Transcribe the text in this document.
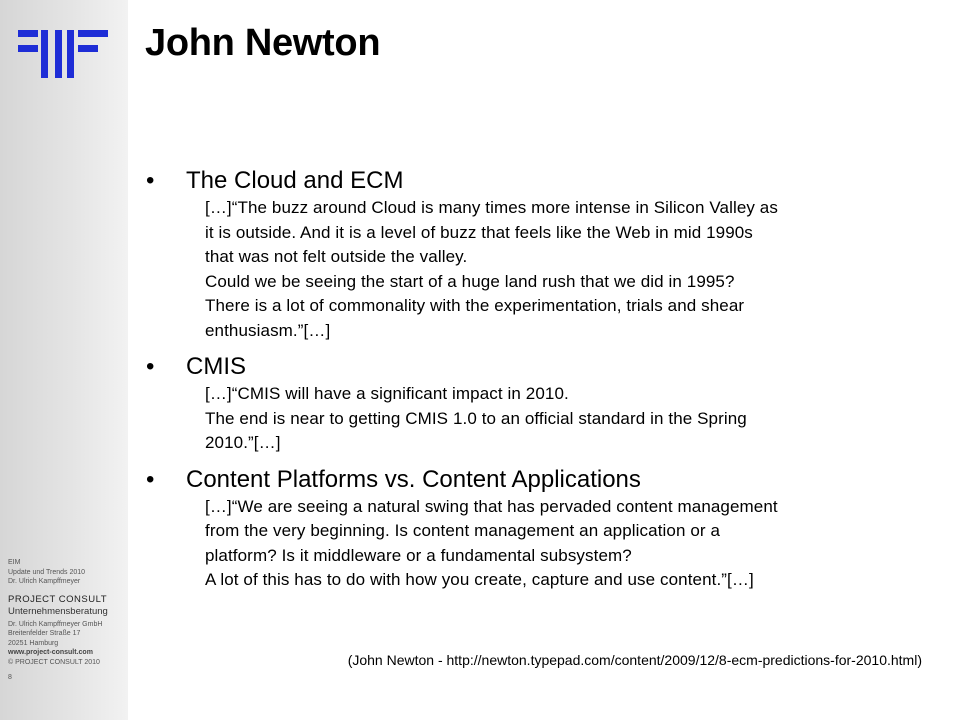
EIM
Update und Trends 2010
Dr. Ulrich Kampffmeyer
PROJECT CONSULT
Unternehmensberatung
Dr. Ulrich Kampffmeyer GmbH
Breitenfelder Straße 17
20251 Hamburg
www.project-consult.com
© PROJECT CONSULT 2010
8
John Newton
• The Cloud and ECM
[…]“The buzz around Cloud is many times more intense in Silicon Valley as
it is outside. And it is a level of buzz that feels like the Web in mid 1990s
that was not felt outside the valley.
Could we be seeing the start of a huge land rush that we did in 1995?
There is a lot of commonality with the experimentation, trials and shear
enthusiasm.”[…]
• CMIS
[…]“CMIS will have a significant impact in 2010.
The end is near to getting CMIS 1.0 to an official standard in the Spring
2010.”[…]
• Content Platforms vs. Content Applications
[…]“We are seeing a natural swing that has pervaded content management
from the very beginning. Is content management an application or a
platform? Is it middleware or a fundamental subsystem?
A lot of this has to do with how you create, capture and use content.”[…]
(John Newton - http://newton.typepad.com/content/2009/12/8-ecm-predictions-for-2010.html)
